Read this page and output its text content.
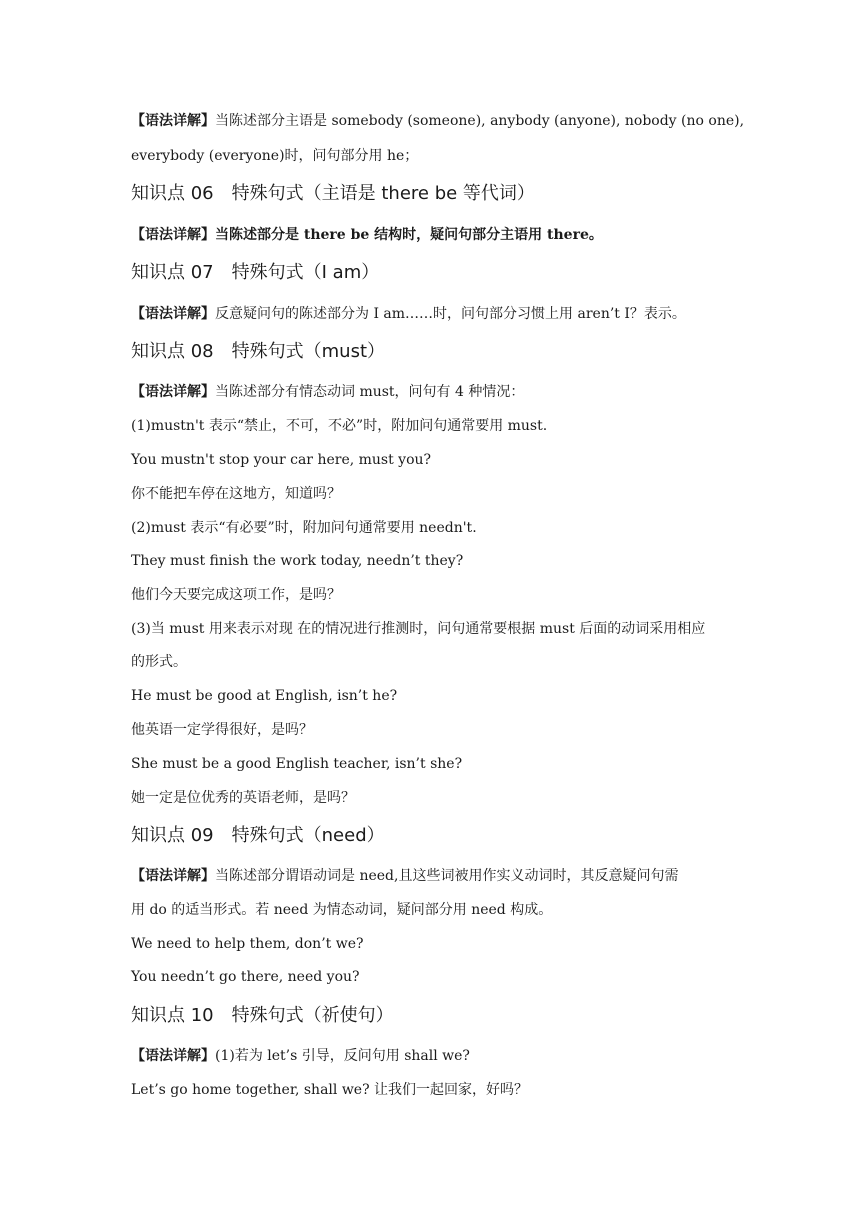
【语法详解】当陈述部分主语是 somebody (someone), anybody (anyone), nobody (no one),
everybody (everyone)时，问句部分用 he；
知识点 06 特殊句式（主语是 there be 等代词）
【语法详解】当陈述部分是 there be 结构时，疑问句部分主语用 there。
知识点 07 特殊句式（I am）
【语法详解】反意疑问句的陈述部分为 I am……时，问句部分习惯上用 aren’t I？表示。
知识点 08 特殊句式（must）
【语法详解】当陈述部分有情态动词 must，问句有 4 种情况：
(1)mustn't 表示“禁止，不可，不必”时，附加问句通常要用 must.
You mustn't stop your car here, must you?
你不能把车停在这地方，知道吗？
(2)must 表示“有必要”时，附加问句通常要用 needn't.
They must finish the work today, needn’t they?
他们今天要完成这项工作，是吗？
(3)当 must 用来表示对现 在的情况进行推测时，问句通常要根据 must 后面的动词采用相应
的形式。
He must be good at English, isn’t he?
他英语一定学得很好，是吗？
She must be a good English teacher, isn’t she?
她一定是位优秀的英语老师，是吗？
知识点 09 特殊句式（need）
【语法详解】当陈述部分谓语动词是 need,且这些词被用作实义动词时，其反意疑问句需
用 do 的适当形式。若 need 为情态动词，疑问部分用 need 构成。
We need to help them, don’t we?
You needn’t go there, need you?
知识点 10 特殊句式（祈使句）
【语法详解】(1)若为 let’s 引导，反问句用 shall we?
Let’s go home together, shall we? 让我们一起回家，好吗？
